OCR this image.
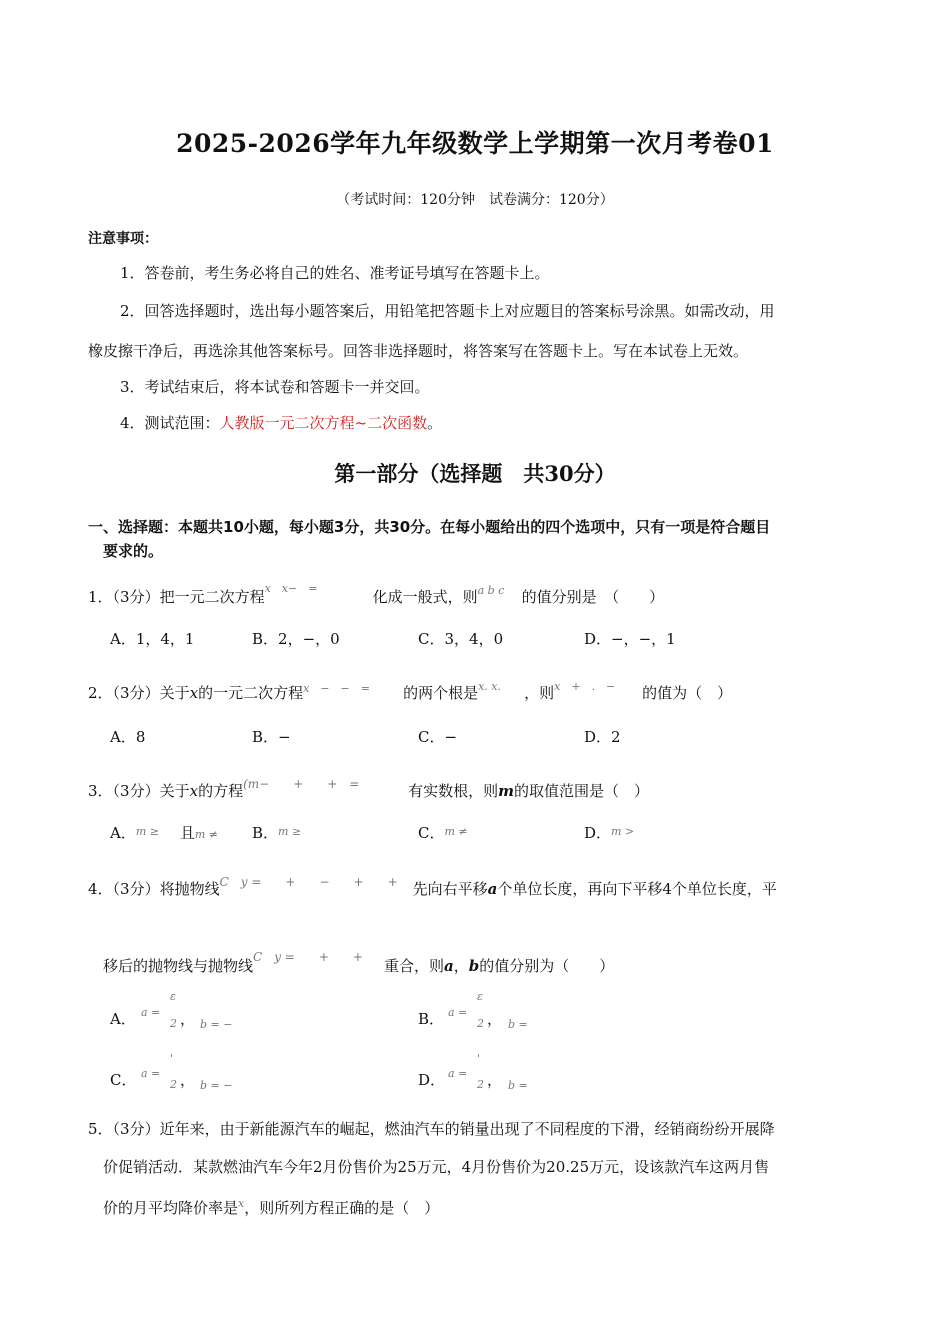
2025-2026学年九年级数学上学期第一次月考卷01
（考试时间：120分钟　试卷满分：120分）
注意事项：
1．答卷前，考生务必将自己的姓名、准考证号填写在答题卡上。
2．回答选择题时，选出每小题答案后，用铅笔把答题卡上对应题目的答案标号涂黑。如需改动，用
橡皮擦干净后，再选涂其他答案标号。回答非选择题时，将答案写在答题卡上。写在本试卷上无效。
3．考试结束后，将本试卷和答题卡一并交回。
4．测试范围：人教版一元二次方程~二次函数。
第一部分（选择题　共30分）
一、选择题：本题共10小题，每小题3分，共30分。在每小题给出的四个选项中，只有一项是符合题目
要求的。
1．（3分）把一元二次方程x　x−　=	化成一般式，则a b c 的值分别是　（　　）
A．1，4，1	B．2，−，0	C．3，4，0	D．−，−，1
2．（3分）关于x的一元二次方程x　−　−　= 的两个根是x. x. ，则x　+　.　− 的值为（　）
A．8	B．−	C．−	D．2
3．（3分）关于x的方程(m−　　+　　+　=	有实数根，则m的取值范围是（　）
A．m ≥ 且m ≠ B．$^{m \ge}$	C．$^{m \ne}$	D．$^{m >}$
4．（3分）将抛物线C　y =　　+　　−　　+　　+ 先向右平移a个单位长度，再向下平移4个单位长度，平
移后的抛物线与抛物线C　y =　　+　　+ 重合，则a，b的值分别为（　　）
A．
ε
a =
2 ， b = −	B．
ε
a =
2 ， b =
C．
'
a =
2 ， b = −	D．
'
a =
2 ， b =
5．（3分）近年来，由于新能源汽车的崛起，燃油汽车的销量出现了不同程度的下滑，经销商纷纷开展降
价促销活动．某款燃油汽车今年2月份售价为25万元，4月份售价为20.25万元，设该款汽车这两月售
价的月平均降价率是$^x$，则所列方程正确的是（　）
